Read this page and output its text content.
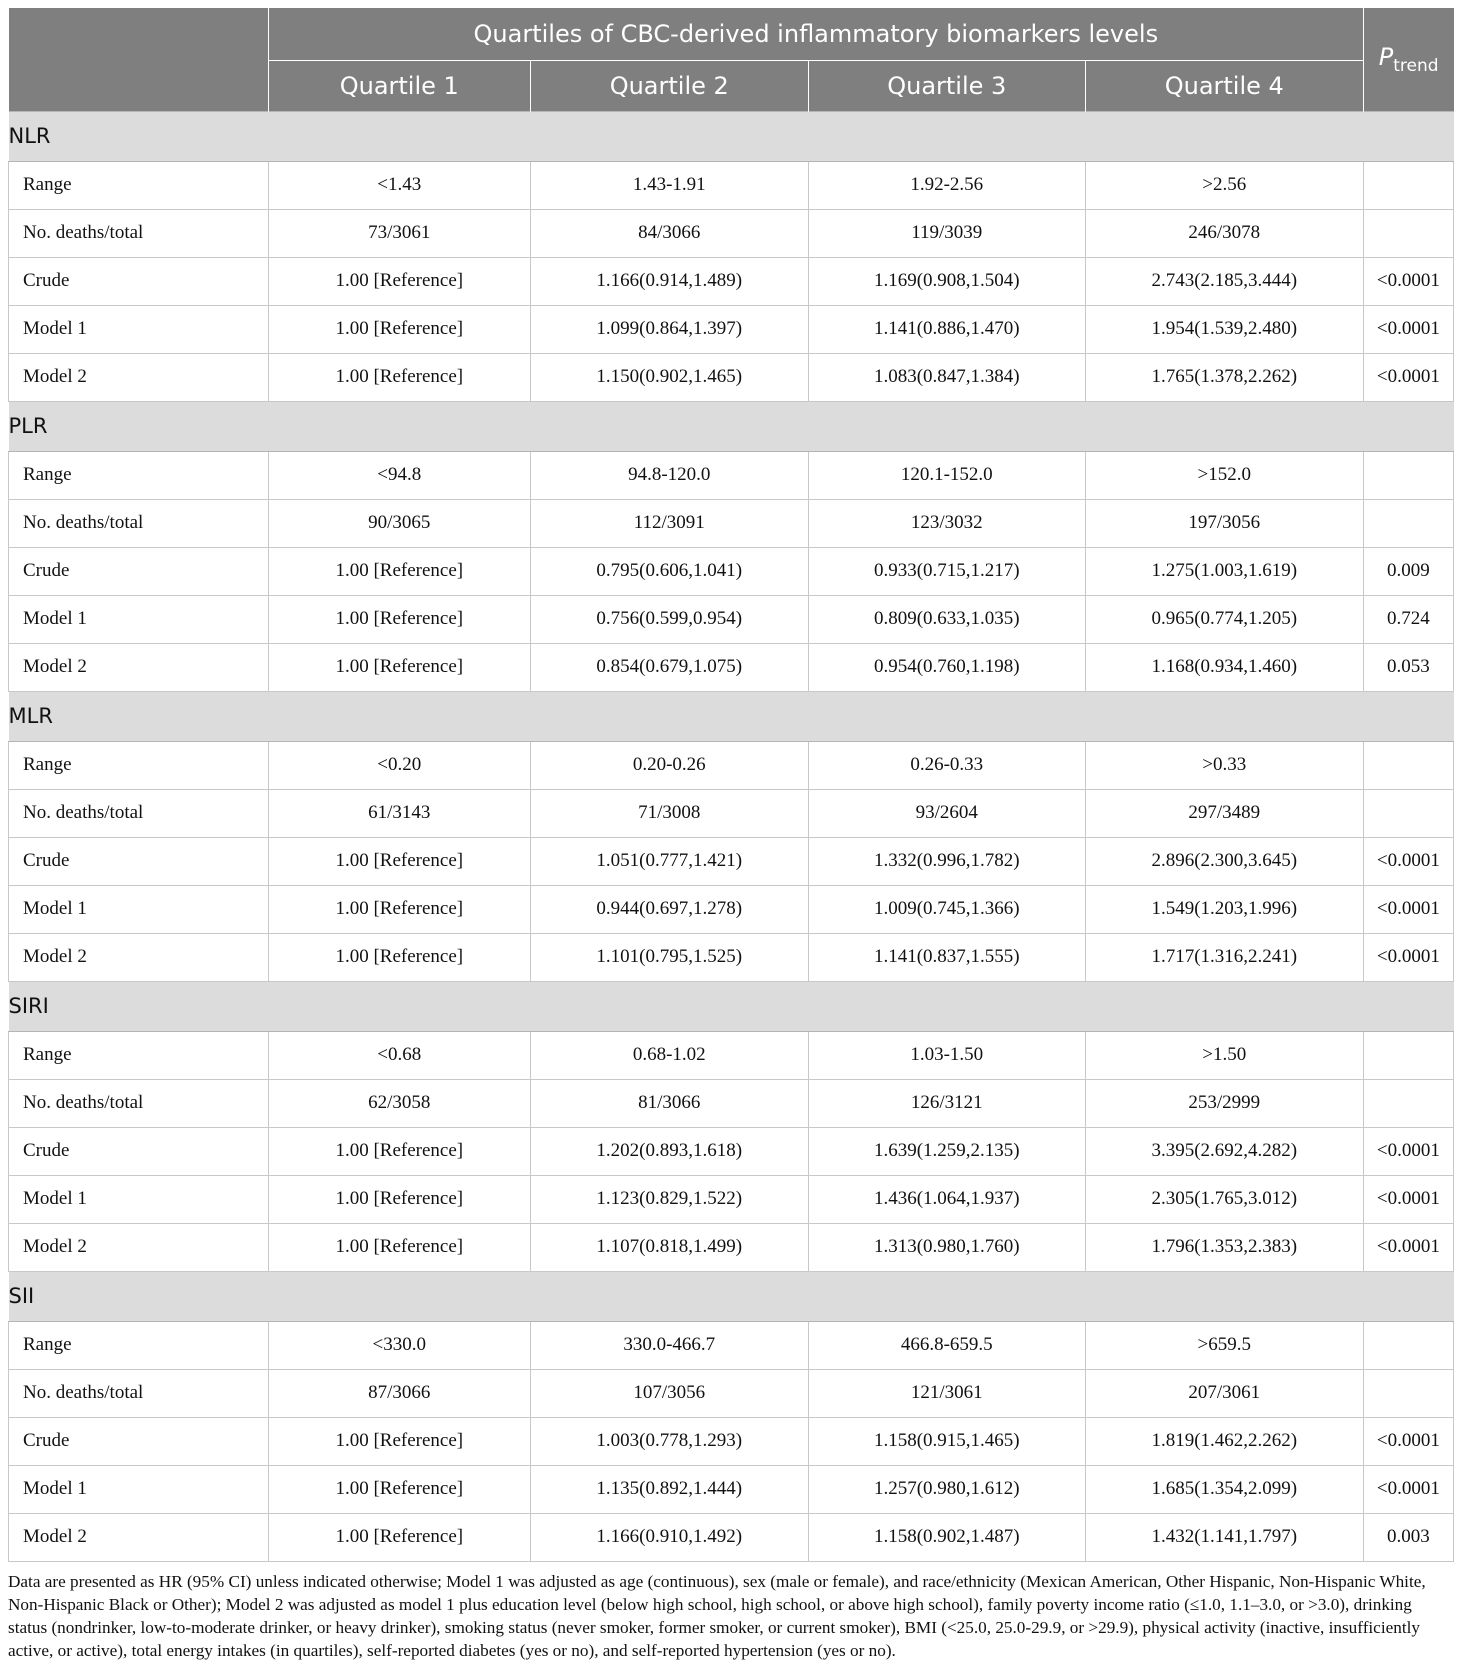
	Quartiles of CBC-derived inflammatory biomarkers levels				$P_{trend}$
	Quartile 1	Quartile 2	Quartile 3	Quartile 4	
NLR					
Range	<1.43	1.43-1.91	1.92-2.56	>2.56	
No. deaths/total	73/3061	84/3066	119/3039	246/3078	
Crude	1.00 [Reference]	1.166(0.914,1.489)	1.169(0.908,1.504)	2.743(2.185,3.444)	<0.0001
Model 1	1.00 [Reference]	1.099(0.864,1.397)	1.141(0.886,1.470)	1.954(1.539,2.480)	<0.0001
Model 2	1.00 [Reference]	1.150(0.902,1.465)	1.083(0.847,1.384)	1.765(1.378,2.262)	<0.0001
PLR					
Range	<94.8	94.8-120.0	120.1-152.0	>152.0	
No. deaths/total	90/3065	112/3091	123/3032	197/3056	
Crude	1.00 [Reference]	0.795(0.606,1.041)	0.933(0.715,1.217)	1.275(1.003,1.619)	0.009
Model 1	1.00 [Reference]	0.756(0.599,0.954)	0.809(0.633,1.035)	0.965(0.774,1.205)	0.724
Model 2	1.00 [Reference]	0.854(0.679,1.075)	0.954(0.760,1.198)	1.168(0.934,1.460)	0.053
MLR					
Range	<0.20	0.20-0.26	0.26-0.33	>0.33	
No. deaths/total	61/3143	71/3008	93/2604	297/3489	
Crude	1.00 [Reference]	1.051(0.777,1.421)	1.332(0.996,1.782)	2.896(2.300,3.645)	<0.0001
Model 1	1.00 [Reference]	0.944(0.697,1.278)	1.009(0.745,1.366)	1.549(1.203,1.996)	<0.0001
Model 2	1.00 [Reference]	1.101(0.795,1.525)	1.141(0.837,1.555)	1.717(1.316,2.241)	<0.0001
SIRI					
Range	<0.68	0.68-1.02	1.03-1.50	>1.50	
No. deaths/total	62/3058	81/3066	126/3121	253/2999	
Crude	1.00 [Reference]	1.202(0.893,1.618)	1.639(1.259,2.135)	3.395(2.692,4.282)	<0.0001
Model 1	1.00 [Reference]	1.123(0.829,1.522)	1.436(1.064,1.937)	2.305(1.765,3.012)	<0.0001
Model 2	1.00 [Reference]	1.107(0.818,1.499)	1.313(0.980,1.760)	1.796(1.353,2.383)	<0.0001
SII					
Range	<330.0	330.0-466.7	466.8-659.5	>659.5	
No. deaths/total	87/3066	107/3056	121/3061	207/3061	
Crude	1.00 [Reference]	1.003(0.778,1.293)	1.158(0.915,1.465)	1.819(1.462,2.262)	<0.0001
Model 1	1.00 [Reference]	1.135(0.892,1.444)	1.257(0.980,1.612)	1.685(1.354,2.099)	<0.0001
Model 2	1.00 [Reference]	1.166(0.910,1.492)	1.158(0.902,1.487)	1.432(1.141,1.797)	0.003
Data are presented as HR (95% CI) unless indicated otherwise; Model 1 was adjusted as age (continuous), sex (male or female), and race/ethnicity (Mexican American, Other Hispanic, Non-Hispanic White, Non-Hispanic Black or Other); Model 2 was adjusted as model 1 plus education level (below high school, high school, or above high school), family poverty income ratio (≤1.0, 1.1–3.0, or >3.0), drinking status (nondrinker, low-to-moderate drinker, or heavy drinker), smoking status (never smoker, former smoker, or current smoker), BMI (<25.0, 25.0-29.9, or >29.9), physical activity (inactive, insufficiently active, or active), total energy intakes (in quartiles), self-reported diabetes (yes or no), and self-reported hypertension (yes or no).
